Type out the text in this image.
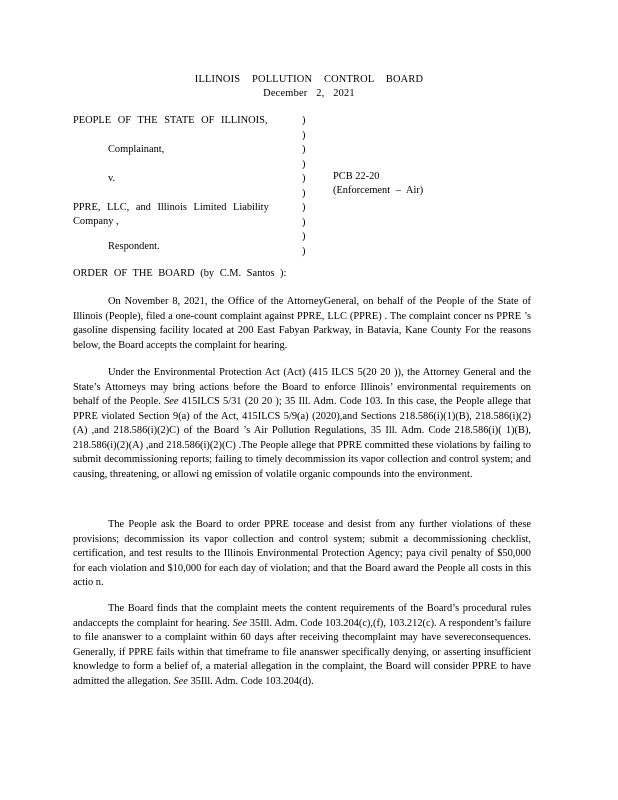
ILLINOIS POLLUTION CONTROL BOARD
December 2, 2021
PEOPLE OF THE STATE OF ILLINOIS,
Complainant,
v.
PPRE, LLC, and Illinois Limited Liability
Company ,
Respondent.
)
)
)
)
)
)
)
)
)
)
PCB 22-20
(Enforcement – Air)
ORDER OF THE BOARD (by C.M. Santos ):

On November 8, 2021, the Office of the AttorneyGeneral, on behalf of the People of the State of Illinois (People), filed a one-count complaint against PPRE, LLC (PPRE) . The complaint concer ns PPRE ’s gasoline dispensing facility located at 200 East Fabyan Parkway, in Batavia, Kane County For the reasons below, the Board accepts the complaint for hearing.

Under the Environmental Protection Act (Act) (415 ILCS 5(20 20 )), the Attorney General and the State’s Attorneys may bring actions before the Board to enforce Illinois’ environmental requirements on behalf of the People. See 415ILCS 5/31 (20 20 ); 35 Ill. Adm. Code 103. In this case, the People allege that PPRE violated Section 9(a) of the Act, 415ILCS 5/9(a) (2020),and Sections 218.586(i)(1)(B), 218.586(i)(2)(A) ,and 218.586(i)(2)C) of the Board ’s Air Pollution Regulations, 35 Ill. Adm. Code 218.586(i)( 1)(B), 218.586(i)(2)(A) ,and 218.586(i)(2)(C) .The People allege that PPRE committed these violations by failing to submit decommissioning reports; failing to timely decommission its vapor collection and control system; and causing, threatening, or allowi ng emission of volatile organic compounds into the environment.

The People ask the Board to order PPRE tocease and desist from any further violations of these provisions; decommission its vapor collection and control system; submit a decommissioning checklist, certification, and test results to the Illinois Environmental Protection Agency; paya civil penalty of $50,000 for each violation and $10,000 for each day of violation; and that the Board award the People all costs in this actio n.

The Board finds that the complaint meets the content requirements of the Board’s procedural rules andaccepts the complaint for hearing. See 35Ill. Adm. Code 103.204(c),(f), 103.212(c). A respondent’s failure to file ananswer to a complaint within 60 days after receiving thecomplaint may have severeconsequences. Generally, if PPRE fails within that timeframe to file ananswer specifically denying, or asserting insufficient knowledge to form a belief of, a material allegation in the complaint, the Board will consider PPRE to have admitted the allegation. See 35Ill. Adm. Code 103.204(d).
